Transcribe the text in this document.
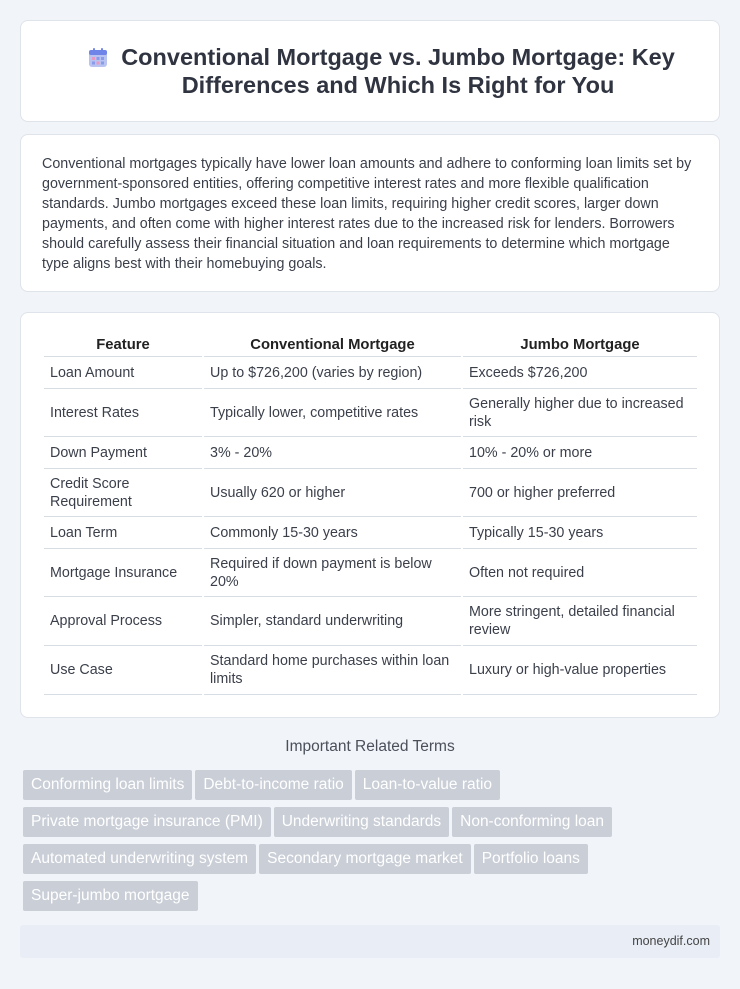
Conventional Mortgage vs. Jumbo Mortgage: Key Differences and Which Is Right for You

Conventional mortgages typically have lower loan amounts and adhere to conforming loan limits set by government-sponsored entities, offering competitive interest rates and more flexible qualification standards. Jumbo mortgages exceed these loan limits, requiring higher credit scores, larger down payments, and often come with higher interest rates due to the increased risk for lenders. Borrowers should carefully assess their financial situation and loan requirements to determine which mortgage type aligns best with their homebuying goals.

Feature	Conventional Mortgage	Jumbo Mortgage
Loan Amount	Up to $726,200 (varies by region)	Exceeds $726,200
Interest Rates	Typically lower, competitive rates	Generally higher due to increased risk
Down Payment	3% - 20%	10% - 20% or more
Credit Score Requirement	Usually 620 or higher	700 or higher preferred
Loan Term	Commonly 15-30 years	Typically 15-30 years
Mortgage Insurance	Required if down payment is below 20%	Often not required
Approval Process	Simpler, standard underwriting	More stringent, detailed financial review
Use Case	Standard home purchases within loan limits	Luxury or high-value properties
Important Related Terms
Conforming loan limits Debt-to-income ratio Loan-to-value ratio
Private mortgage insurance (PMI) Underwriting standards Non-conforming loan
Automated underwriting system Secondary mortgage market Portfolio loans
Super-jumbo mortgage
moneydif.com
